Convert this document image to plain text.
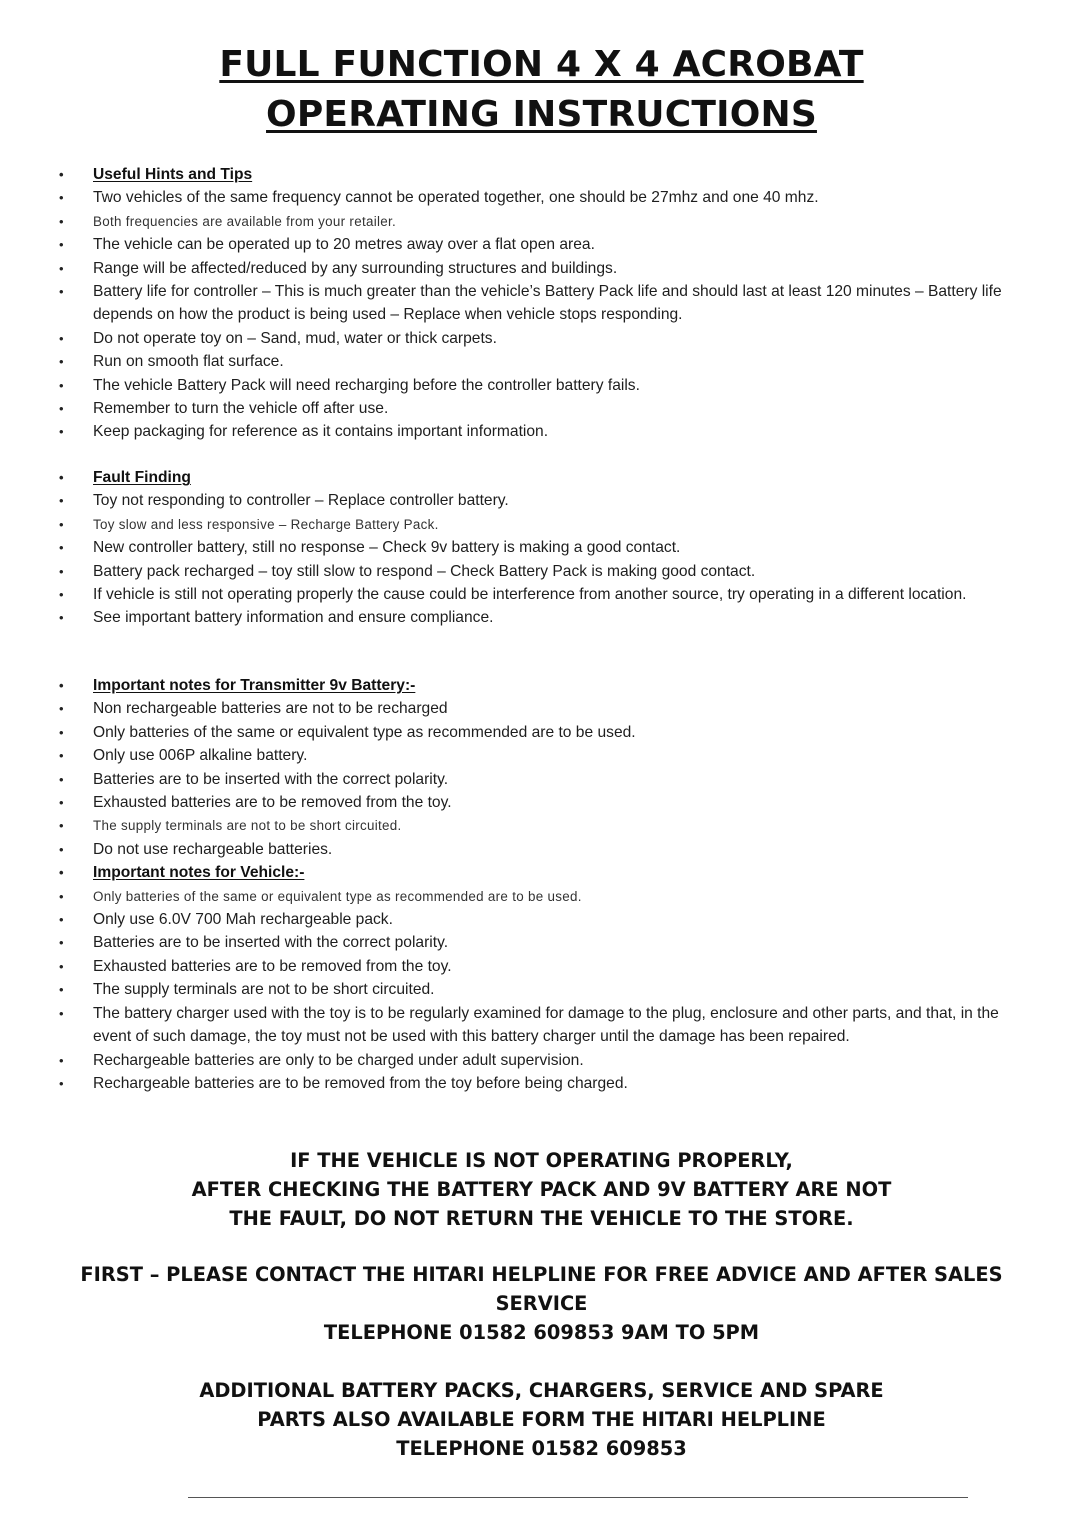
FULL FUNCTION 4 X 4 ACROBAT
OPERATING INSTRUCTIONS
• Useful Hints and Tips
• Two vehicles of the same frequency cannot be operated together, one should be 27mhz and one 40 mhz.
• Both frequencies are available from your retailer.
• The vehicle can be operated up to 20 metres away over a flat open area.
• Range will be affected/reduced by any surrounding structures and buildings.
• Battery life for controller – This is much greater than the vehicle’s Battery Pack life and should last at least 120 minutes – Battery life depends on how the product is being used – Replace when vehicle stops responding.
• Do not operate toy on – Sand, mud, water or thick carpets.
• Run on smooth flat surface.
• The vehicle Battery Pack will need recharging before the controller battery fails.
• Remember to turn the vehicle off after use.
• Keep packaging for reference as it contains important information.
• Fault Finding
• Toy not responding to controller – Replace controller battery.
• Toy slow and less responsive – Recharge Battery Pack.
• New controller battery, still no response – Check 9v battery is making a good contact.
• Battery pack recharged – toy still slow to respond – Check Battery Pack is making good contact.
• If vehicle is still not operating properly the cause could be interference from another source, try operating in a different location.
• See important battery information and ensure compliance.
• Important notes for Transmitter 9v Battery:-
• Non rechargeable batteries are not to be recharged
• Only batteries of the same or equivalent type as recommended are to be used.
• Only use 006P alkaline battery.
• Batteries are to be inserted with the correct polarity.
• Exhausted batteries are to be removed from the toy.
• The supply terminals are not to be short circuited.
• Do not use rechargeable batteries.
• Important notes for Vehicle:-
• Only batteries of the same or equivalent type as recommended are to be used.
• Only use 6.0V 700 Mah rechargeable pack.
• Batteries are to be inserted with the correct polarity.
• Exhausted batteries are to be removed from the toy.
• The supply terminals are not to be short circuited.
• The battery charger used with the toy is to be regularly examined for damage to the plug, enclosure and other parts, and that, in the event of such damage, the toy must not be used with this battery charger until the damage has been repaired.
• Rechargeable batteries are only to be charged under adult supervision.
• Rechargeable batteries are to be removed from the toy before being charged.
IF THE VEHICLE IS NOT OPERATING PROPERLY,
AFTER CHECKING THE BATTERY PACK AND 9V BATTERY ARE NOT
THE FAULT, DO NOT RETURN THE VEHICLE TO THE STORE.
FIRST – PLEASE CONTACT THE HITARI HELPLINE FOR FREE ADVICE AND AFTER SALES
SERVICE
TELEPHONE 01582 609853 9AM TO 5PM
ADDITIONAL BATTERY PACKS, CHARGERS, SERVICE AND SPARE
PARTS ALSO AVAILABLE FORM THE HITARI HELPLINE
TELEPHONE 01582 609853
